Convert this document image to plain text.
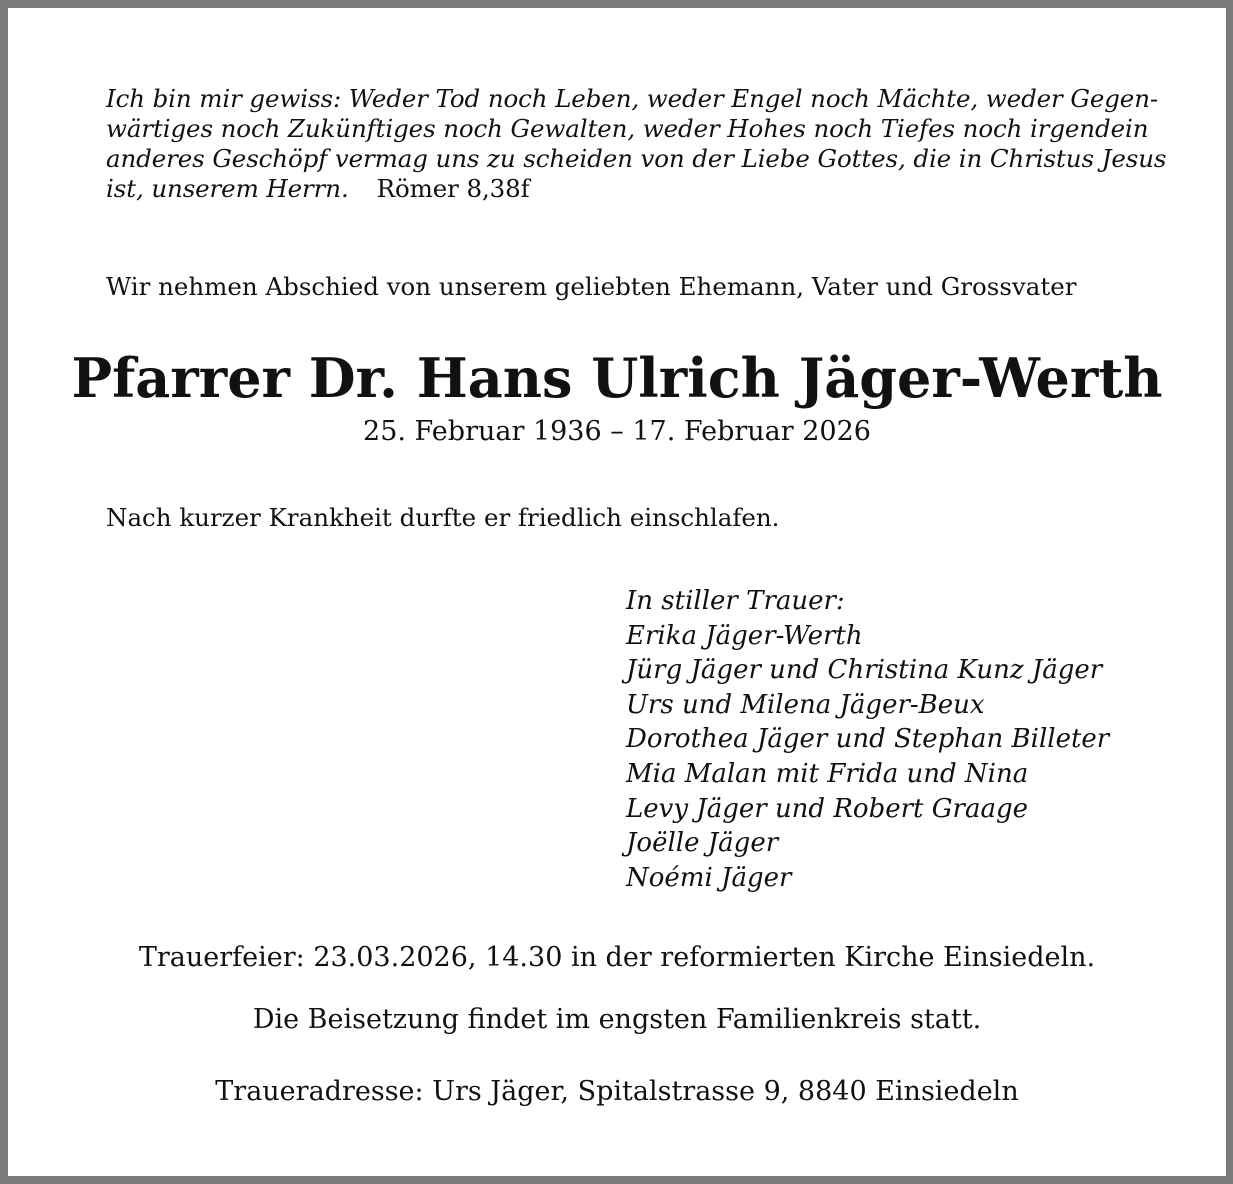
Ich bin mir gewiss: Weder Tod noch Leben, weder Engel noch Mächte, weder Gegen-
wärtiges noch Zukünftiges noch Gewalten, weder Hohes noch Tiefes noch irgendein
anderes Geschöpf vermag uns zu scheiden von der Liebe Gottes, die in Christus Jesus
ist, unserem Herrn. Römer 8,38f
Wir nehmen Abschied von unserem geliebten Ehemann, Vater und Grossvater
Pfarrer Dr. Hans Ulrich Jäger-Werth
25. Februar 1936 – 17. Februar 2026
Nach kurzer Krankheit durfte er friedlich einschlafen.
In stiller Trauer:
Erika Jäger-Werth
Jürg Jäger und Christina Kunz Jäger
Urs und Milena Jäger-Beux
Dorothea Jäger und Stephan Billeter
Mia Malan mit Frida und Nina
Levy Jäger und Robert Graage
Joëlle Jäger
Noémi Jäger
Trauerfeier: 23.03.2026, 14.30 in der reformierten Kirche Einsiedeln.
Die Beisetzung findet im engsten Familienkreis statt.
Traueradresse: Urs Jäger, Spitalstrasse 9, 8840 Einsiedeln
